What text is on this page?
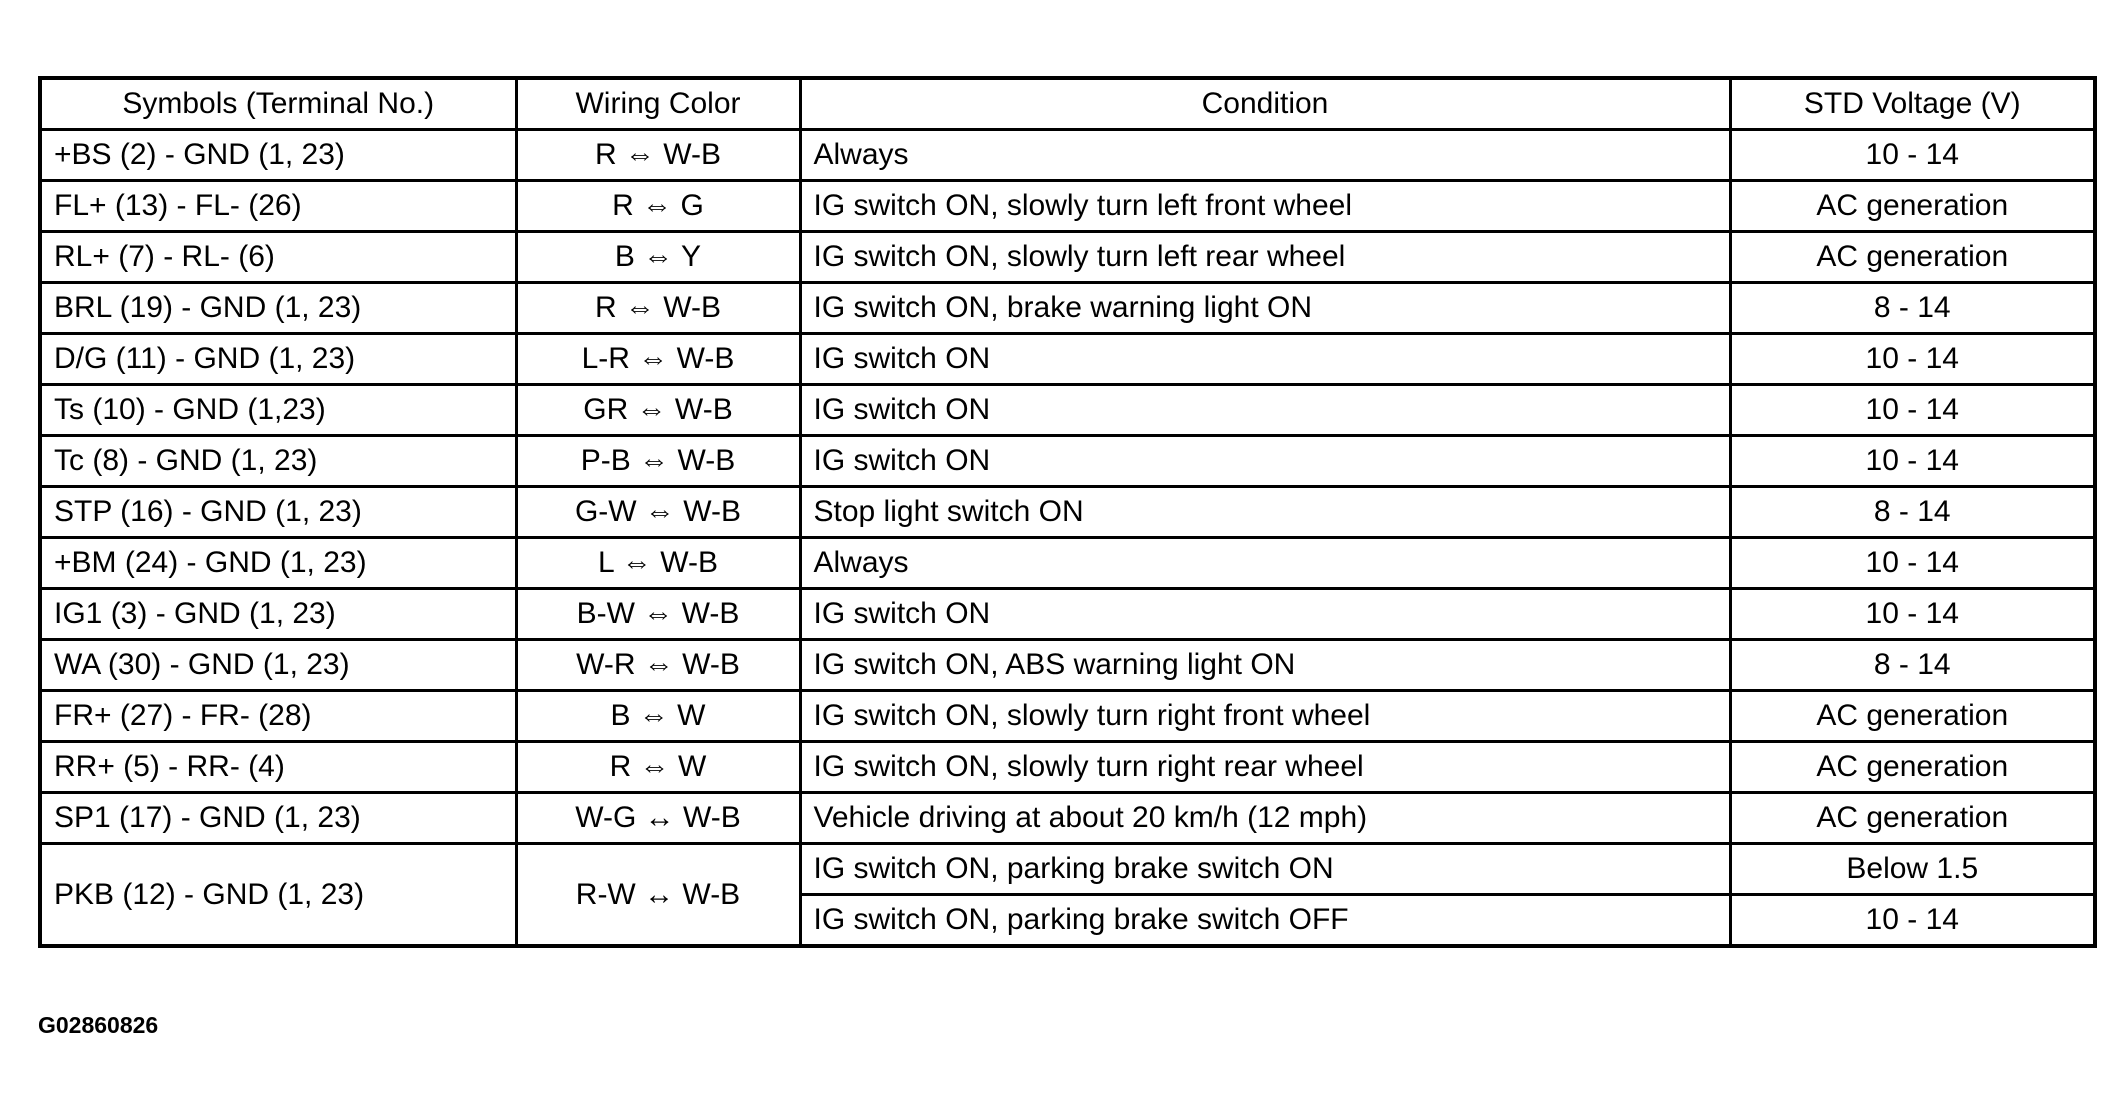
Symbols (Terminal No.)	Wiring Color	Condition	STD Voltage (V)
+BS (2) - GND (1, 23)	R ⇔ W-B	Always	10 - 14
FL+ (13) - FL- (26)	R ⇔ G	IG switch ON, slowly turn left front wheel	AC generation
RL+ (7) - RL- (6)	B ⇔ Y	IG switch ON, slowly turn left rear wheel	AC generation
BRL (19) - GND (1, 23)	R ⇔ W-B	IG switch ON, brake warning light ON	8 - 14
D/G (11) - GND (1, 23)	L-R ⇔ W-B	IG switch ON	10 - 14
Ts (10) - GND (1,23)	GR ⇔ W-B	IG switch ON	10 - 14
Tc (8) - GND (1, 23)	P-B ⇔ W-B	IG switch ON	10 - 14
STP (16) - GND (1, 23)	G-W ⇔ W-B	Stop light switch ON	8 - 14
+BM (24) - GND (1, 23)	L ⇔ W-B	Always	10 - 14
IG1 (3) - GND (1, 23)	B-W ⇔ W-B	IG switch ON	10 - 14
WA (30) - GND (1, 23)	W-R ⇔ W-B	IG switch ON, ABS warning light ON	8 - 14
FR+ (27) - FR- (28)	B ⇔ W	IG switch ON, slowly turn right front wheel	AC generation
RR+ (5) - RR- (4)	R ⇔ W	IG switch ON, slowly turn right rear wheel	AC generation
SP1 (17) - GND (1, 23)	W-G ↔ W-B	Vehicle driving at about 20 km/h (12 mph)	AC generation
PKB (12) - GND (1, 23)	R-W ↔ W-B	IG switch ON, parking brake switch ON	Below 1.5
		IG switch ON, parking brake switch OFF	10 - 14
G02860826
